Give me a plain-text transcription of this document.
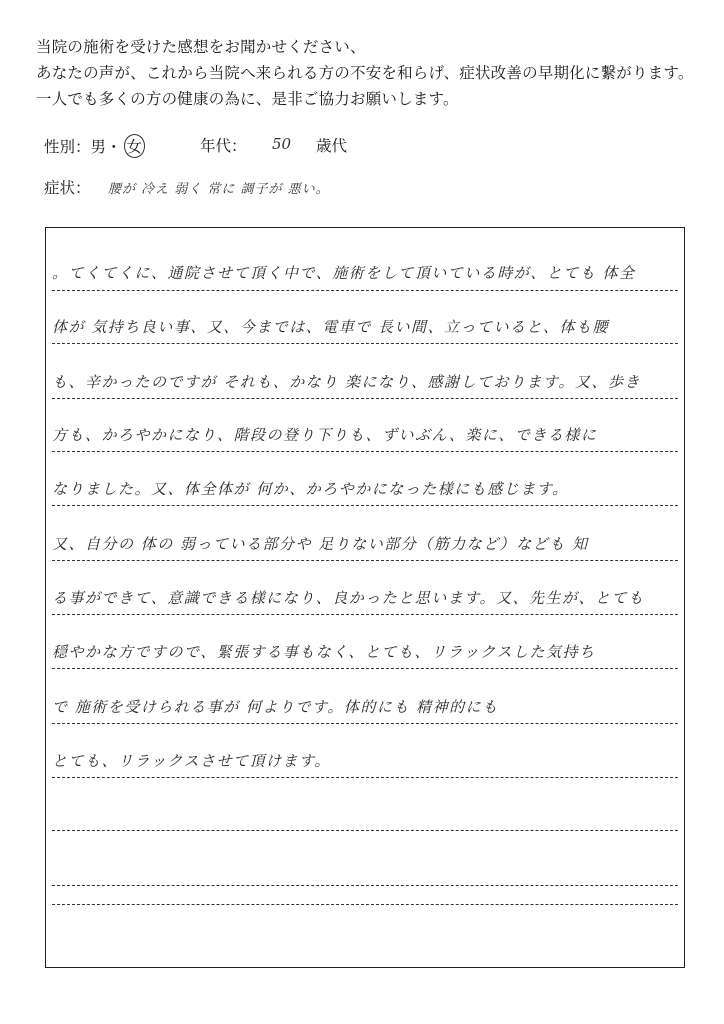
当院の施術を受けた感想をお聞かせください、
あなたの声が、これから当院へ来られる方の不安を和らげ、症状改善の早期化に繋がります。
一人でも多くの方の健康の為に、是非ご協力お願いします。
性別：男・ 女	年代： 50 歳代
症状： 腰が 冷え 弱く 常に 調子が 悪い。
。てくてくに、通院させて頂く中で、施術をして頂いている時が、とても 体全
体が 気持ち良い事、又、今までは、電車で 長い間、立っていると、体も腰
も、辛かったのですが それも、かなり 楽になり、感謝しております。又、歩き
方も、かろやかになり、階段の登り下りも、ずいぶん、楽に、できる様に
なりました。又、体全体が 何か、かろやかになった様にも感じます。
又、自分の 体の 弱っている部分や 足りない部分（筋力など）なども 知
る事ができて、意識できる様になり、良かったと思います。又、先生が、とても
穏やかな方ですので、緊張する事もなく、とても、リラックスした気持ち
で 施術を受けられる事が 何よりです。体的にも 精神的にも
とても、リラックスさせて頂けます。
